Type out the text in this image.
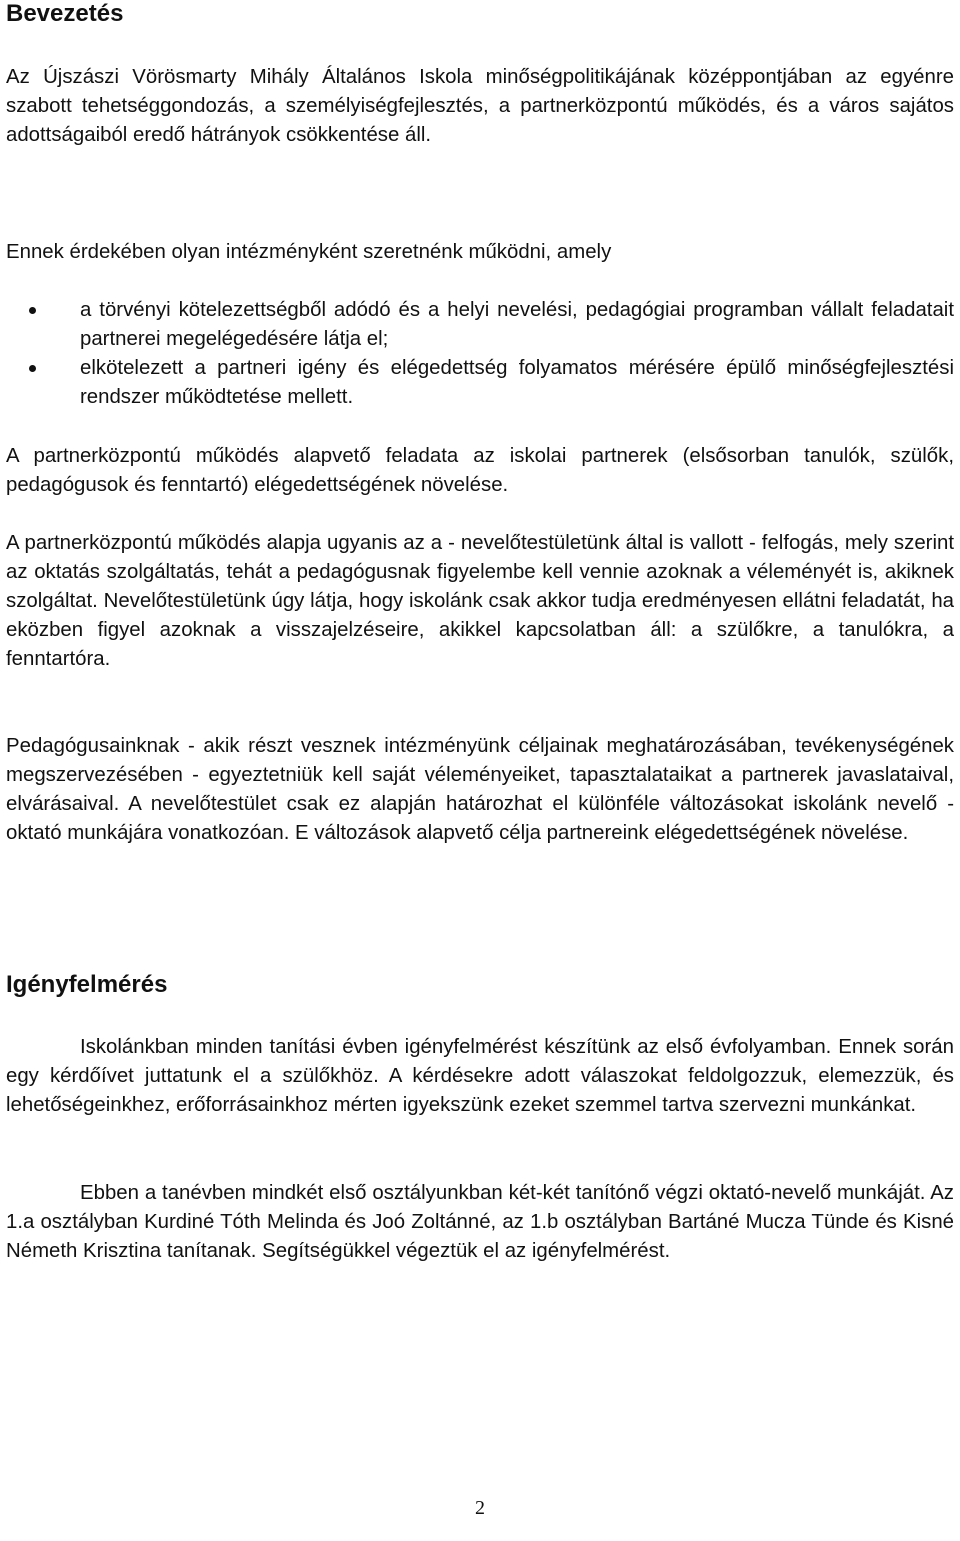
Bevezetés

Az Újszászi Vörösmarty Mihály Általános Iskola minőségpolitikájának középpontjában az egyénre szabott tehetséggondozás, a személyiségfejlesztés, a partnerközpontú működés, és a város sajátos adottságaiból eredő hátrányok csökkentése áll.

Ennek érdekében olyan intézményként szeretnénk működni, amely

a törvényi kötelezettségből adódó és a helyi nevelési, pedagógiai programban vállalt feladatait partnerei megelégedésére látja el;
elkötelezett a partneri igény és elégedettség folyamatos mérésére épülő minőségfejlesztési rendszer működtetése mellett.

A partnerközpontú működés alapvető feladata az iskolai partnerek (elsősorban tanulók, szülők, pedagógusok és fenntartó) elégedettségének növelése.

A partnerközpontú működés alapja ugyanis az a - nevelőtestületünk által is vallott - felfogás, mely szerint az oktatás szolgáltatás, tehát a pedagógusnak figyelembe kell vennie azoknak a véleményét is, akiknek szolgáltat. Nevelőtestületünk úgy látja, hogy iskolánk csak akkor tudja eredményesen ellátni feladatát, ha eközben figyel azoknak a visszajelzéseire, akikkel kapcsolatban áll: a szülőkre, a tanulókra, a fenntartóra.

Pedagógusainknak - akik részt vesznek intézményünk céljainak meghatározásában, tevékenységének megszervezésében - egyeztetniük kell saját véleményeiket, tapasztalataikat a partnerek javaslataival, elvárásaival. A nevelőtestület csak ez alapján határozhat el különféle változásokat iskolánk nevelő - oktató munkájára vonatkozóan. E változások alapvető célja partnereink elégedettségének növelése.

Igényfelmérés

Iskolánkban minden tanítási évben igényfelmérést készítünk az első évfolyamban. Ennek során egy kérdőívet juttatunk el a szülőkhöz. A kérdésekre adott válaszokat feldolgozzuk, elemezzük, és lehetőségeinkhez, erőforrásainkhoz mérten igyekszünk ezeket szemmel tartva szervezni munkánkat.

Ebben a tanévben mindkét első osztályunkban két-két tanítónő végzi oktató-nevelő munkáját. Az 1.a osztályban Kurdiné Tóth Melinda és Joó Zoltánné, az 1.b osztályban Bartáné Mucza Tünde és Kisné Németh Krisztina tanítanak. Segítségükkel végeztük el az igényfelmérést.

2
